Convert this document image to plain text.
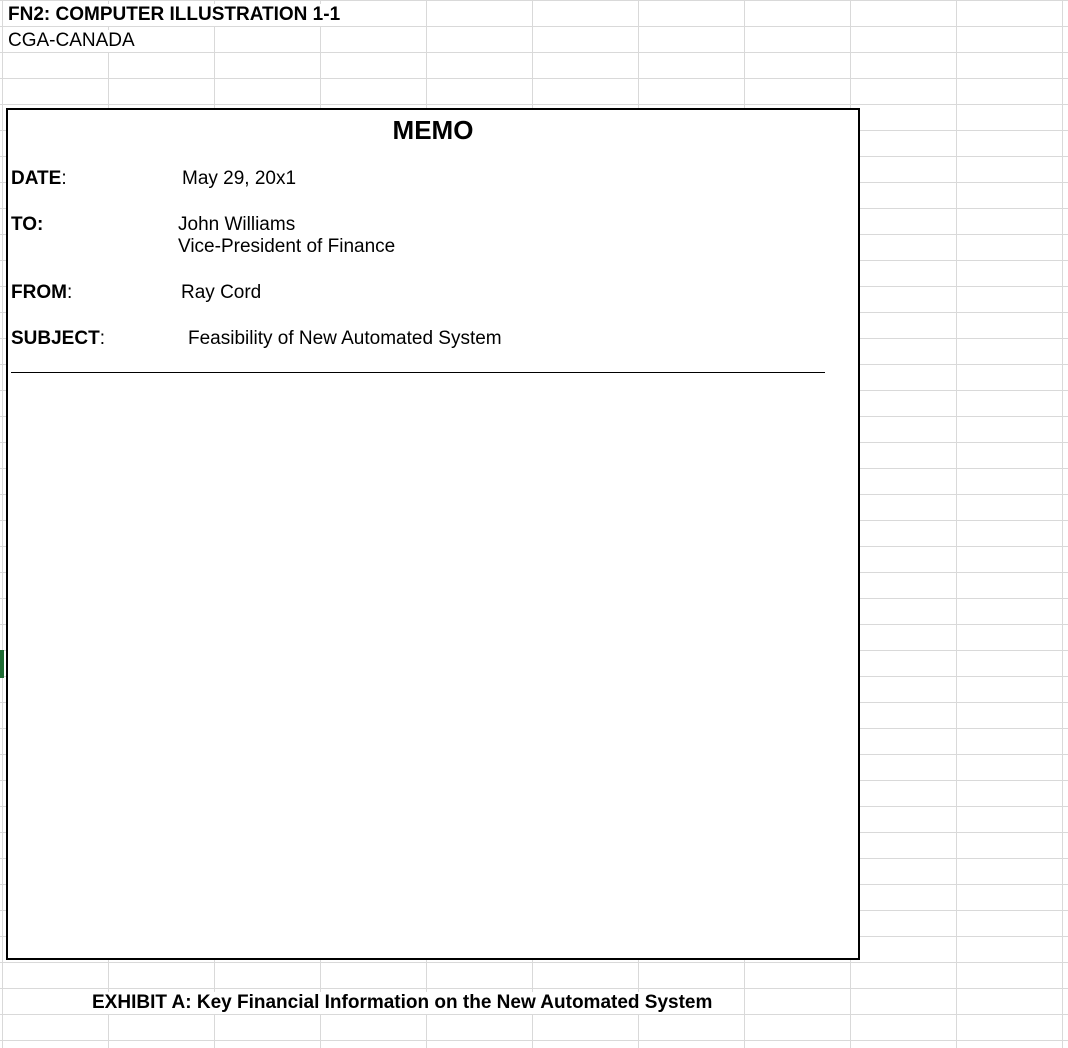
FN2: COMPUTER ILLUSTRATION 1-1
CGA-CANADA
MEMO
DATE:	May 29, 20x1
TO:	John Williams
Vice-President of Finance
FROM:	Ray Cord
SUBJECT:	Feasibility of New Automated System
EXHIBIT A: Key Financial Information on the New Automated System
